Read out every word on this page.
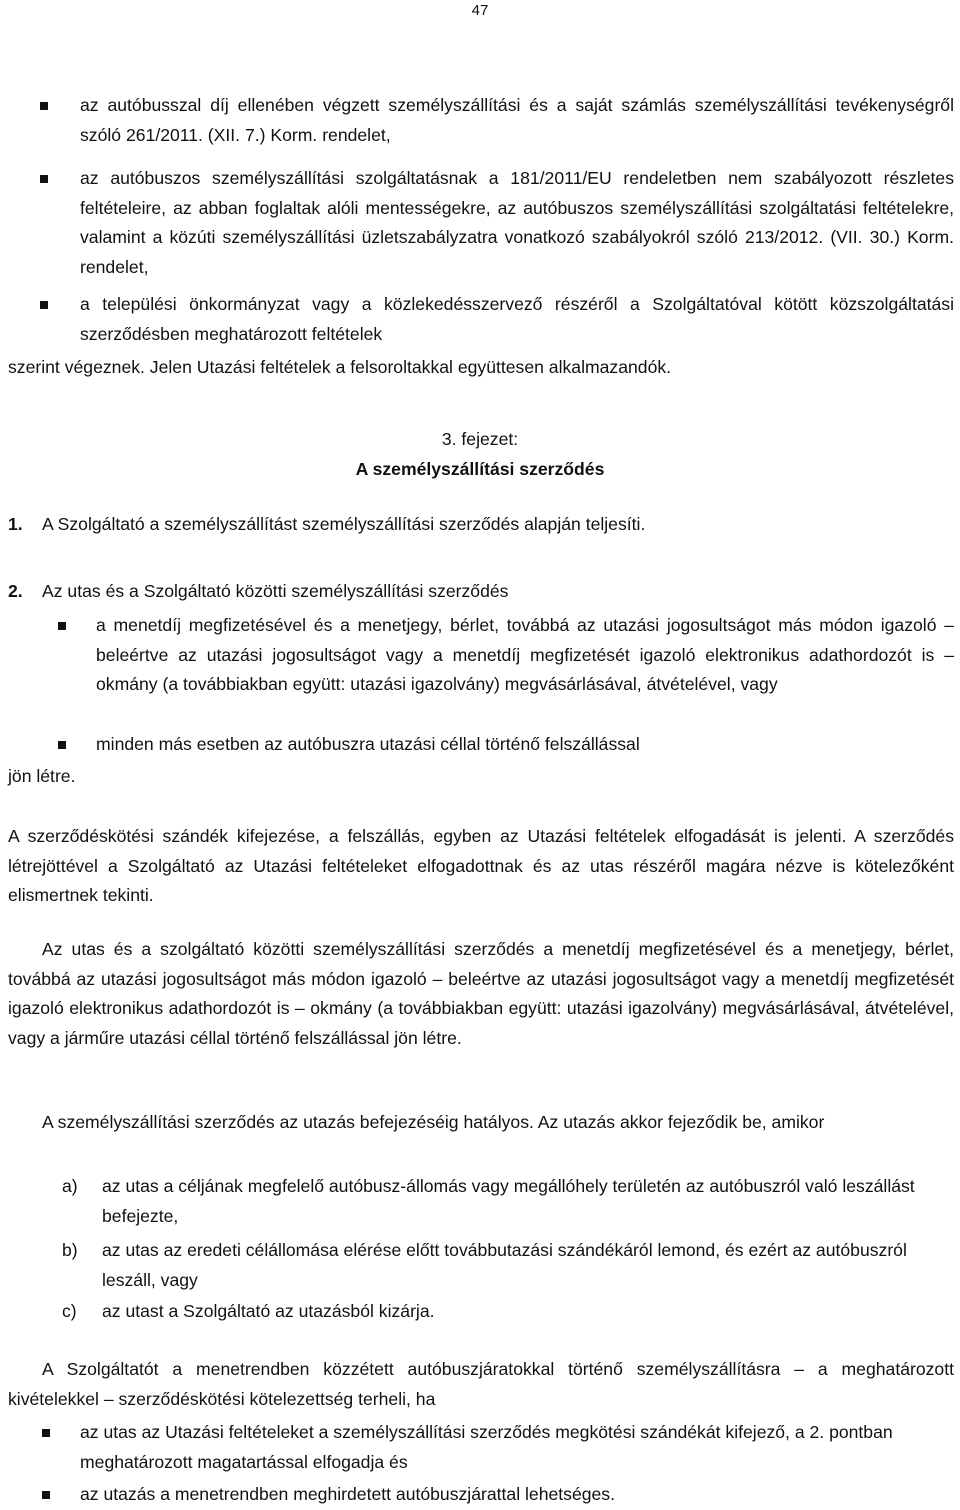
47
az autóbusszal díj ellenében végzett személyszállítási és a saját számlás személyszállítási tevékenységről szóló 261/2011. (XII. 7.) Korm. rendelet,
az autóbuszos személyszállítási szolgáltatásnak a 181/2011/EU rendeletben nem szabályozott részletes feltételeire, az abban foglaltak alóli mentességekre, az autóbuszos személyszállítási szolgáltatási feltételekre, valamint a közúti személyszállítási üzletszabályzatra vonatkozó szabályokról szóló 213/2012. (VII. 30.) Korm. rendelet,
a települési önkormányzat vagy a közlekedésszervező részéről a Szolgáltatóval kötött közszolgáltatási szerződésben meghatározott feltételek
szerint végeznek. Jelen Utazási feltételek a felsoroltakkal együttesen alkalmazandók.
3. fejezet:
A személyszállítási szerződés
1. A Szolgáltató a személyszállítást személyszállítási szerződés alapján teljesíti.
2. Az utas és a Szolgáltató közötti személyszállítási szerződés
a menetdíj megfizetésével és a menetjegy, bérlet, továbbá az utazási jogosultságot más módon igazoló – beleértve az utazási jogosultságot vagy a menetdíj megfizetését igazoló elektronikus adathordozót is – okmány (a továbbiakban együtt: utazási igazolvány) megvásárlásával, átvételével, vagy
minden más esetben az autóbuszra utazási céllal történő felszállással
jön létre.
A szerződéskötési szándék kifejezése, a felszállás, egyben az Utazási feltételek elfogadását is jelenti. A szerződés létrejöttével a Szolgáltató az Utazási feltételeket elfogadottnak és az utas részéről magára nézve is kötelezőként elismertnek tekinti.
Az utas és a szolgáltató közötti személyszállítási szerződés a menetdíj megfizetésével és a menetjegy, bérlet, továbbá az utazási jogosultságot más módon igazoló – beleértve az utazási jogosultságot vagy a menetdíj megfizetését igazoló elektronikus adathordozót is – okmány (a továbbiakban együtt: utazási igazolvány) megvásárlásával, átvételével, vagy a járműre utazási céllal történő felszállással jön létre.
A személyszállítási szerződés az utazás befejezéséig hatályos. Az utazás akkor fejeződik be, amikor
a) az utas a céljának megfelelő autóbusz-állomás vagy megállóhely területén az autóbuszról való leszállást befejezte,
b) az utas az eredeti célállomása elérése előtt továbbutazási szándékáról lemond, és ezért az autóbuszról leszáll, vagy
c) az utast a Szolgáltató az utazásból kizárja.
A Szolgáltatót a menetrendben közzétett autóbuszjáratokkal történő személyszállításra – a meghatározott kivételekkel – szerződéskötési kötelezettség terheli, ha
az utas az Utazási feltételeket a személyszállítási szerződés megkötési szándékát kifejező, a 2. pontban meghatározott magatartással elfogadja és
az utazás a menetrendben meghirdetett autóbuszjárattal lehetséges.
